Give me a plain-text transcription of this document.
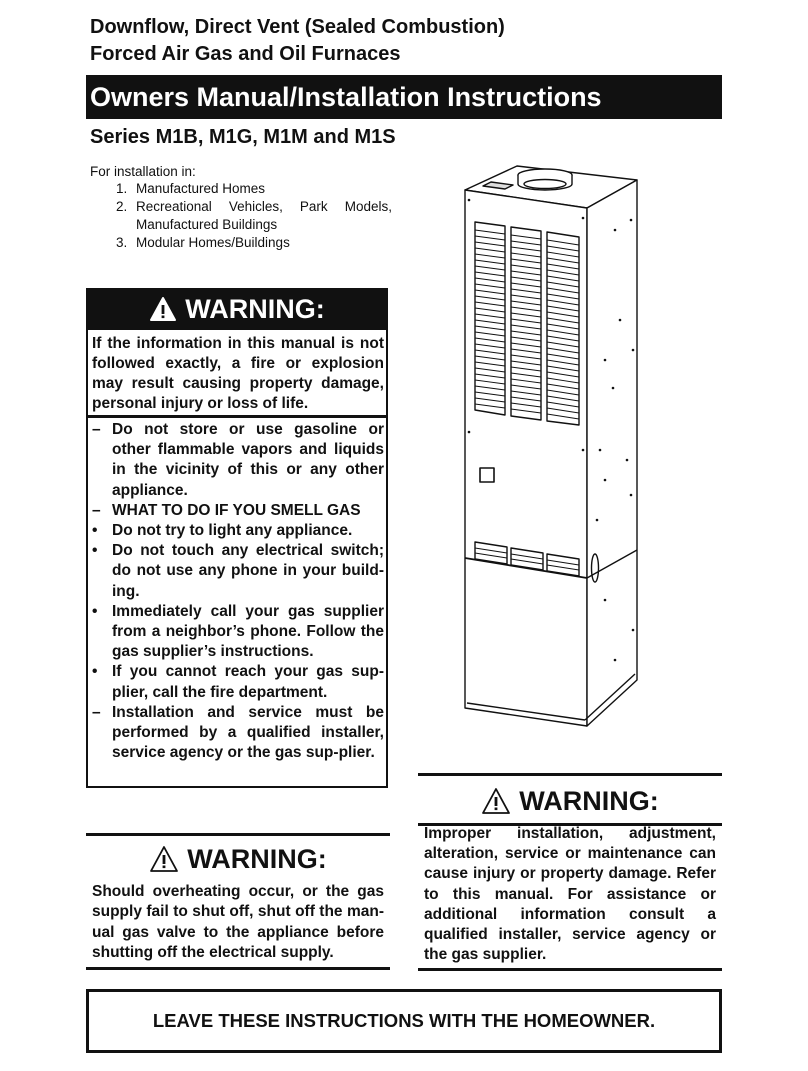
Downflow, Direct Vent (Sealed Combustion)
Forced Air Gas and Oil Furnaces
Owners Manual/Installation Instructions
Series M1B, M1G, M1M and M1S
For installation in:
1. Manufactured Homes
2. Recreational Vehicles, Park Models, Manufactured Buildings
3. Modular Homes/Buildings
WARNING:
If the information in this manual is not followed exactly, a fire or explosion may result causing property damage, personal injury or loss of life.
– Do not store or use gasoline or other flammable vapors and liquids in the vicinity of this or any other appliance.
– WHAT TO DO IF YOU SMELL GAS
• Do not try to light any appliance.
• Do not touch any electrical switch; do not use any phone in your build-ing.
• Immediately call your gas supplier from a neighbor’s phone. Follow the gas supplier’s instructions.
• If you cannot reach your gas sup-plier, call the fire department.
– Installation and service must be performed by a qualified installer, service agency or the gas sup-plier.
WARNING:
Should overheating occur, or the gas supply fail to shut off, shut off the man-ual gas valve to the appliance before shutting off the electrical supply.
WARNING:
Improper installation, adjustment, alteration, service or maintenance can cause injury or property damage. Refer to this manual. For assistance or additional information consult a qualified installer, service agency or the gas supplier.
LEAVE THESE INSTRUCTIONS WITH THE HOMEOWNER.
